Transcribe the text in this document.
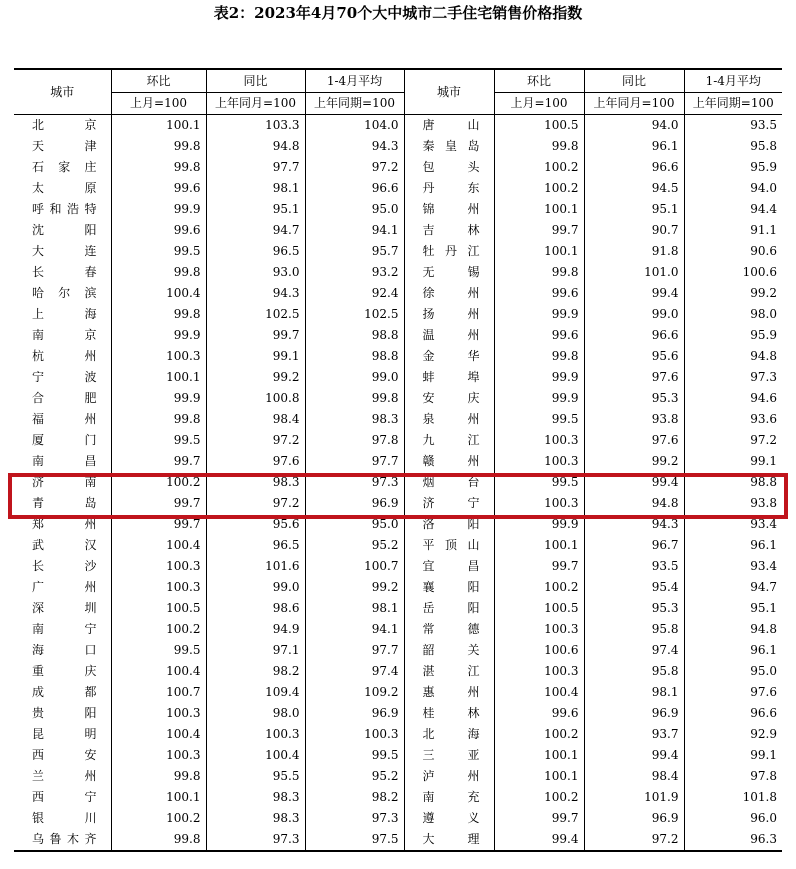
表2：2023年4月70个大中城市二手住宅销售价格指数
城市	环比	同比	1-4月平均	城市	环比	同比	1-4月平均
	上月=100	上年同月=100	上年同期=100		上月=100	上年同月=100	上年同期=100
北京	100.1	103.3	104.0	唐山	100.5	94.0	93.5
天津	99.8	94.8	94.3	秦皇岛	99.8	96.1	95.8
石家庄	99.8	97.7	97.2	包头	100.2	96.6	95.9
太原	99.6	98.1	96.6	丹东	100.2	94.5	94.0
呼和浩特	99.9	95.1	95.0	锦州	100.1	95.1	94.4
沈阳	99.6	94.7	94.1	吉林	99.7	90.7	91.1
大连	99.5	96.5	95.7	牡丹江	100.1	91.8	90.6
长春	99.8	93.0	93.2	无锡	99.8	101.0	100.6
哈尔滨	100.4	94.3	92.4	徐州	99.6	99.4	99.2
上海	99.8	102.5	102.5	扬州	99.9	99.0	98.0
南京	99.9	99.7	98.8	温州	99.6	96.6	95.9
杭州	100.3	99.1	98.8	金华	99.8	95.6	94.8
宁波	100.1	99.2	99.0	蚌埠	99.9	97.6	97.3
合肥	99.9	100.8	99.8	安庆	99.9	95.3	94.6
福州	99.8	98.4	98.3	泉州	99.5	93.8	93.6
厦门	99.5	97.2	97.8	九江	100.3	97.6	97.2
南昌	99.7	97.6	97.7	赣州	100.3	99.2	99.1
济南	100.2	98.3	97.3	烟台	99.5	99.4	98.8
青岛	99.7	97.2	96.9	济宁	100.3	94.8	93.8
郑州	99.7	95.6	95.0	洛阳	99.9	94.3	93.4
武汉	100.4	96.5	95.2	平顶山	100.1	96.7	96.1
长沙	100.3	101.6	100.7	宜昌	99.7	93.5	93.4
广州	100.3	99.0	99.2	襄阳	100.2	95.4	94.7
深圳	100.5	98.6	98.1	岳阳	100.5	95.3	95.1
南宁	100.2	94.9	94.1	常德	100.3	95.8	94.8
海口	99.5	97.1	97.7	韶关	100.6	97.4	96.1
重庆	100.4	98.2	97.4	湛江	100.3	95.8	95.0
成都	100.7	109.4	109.2	惠州	100.4	98.1	97.6
贵阳	100.3	98.0	96.9	桂林	99.6	96.9	96.6
昆明	100.4	100.3	100.3	北海	100.2	93.7	92.9
西安	100.3	100.4	99.5	三亚	100.1	99.4	99.1
兰州	99.8	95.5	95.2	泸州	100.1	98.4	97.8
西宁	100.1	98.3	98.2	南充	100.2	101.9	101.8
银川	100.2	98.3	97.3	遵义	99.7	96.9	96.0
乌鲁木齐	99.8	97.3	97.5	大理	99.4	97.2	96.3
